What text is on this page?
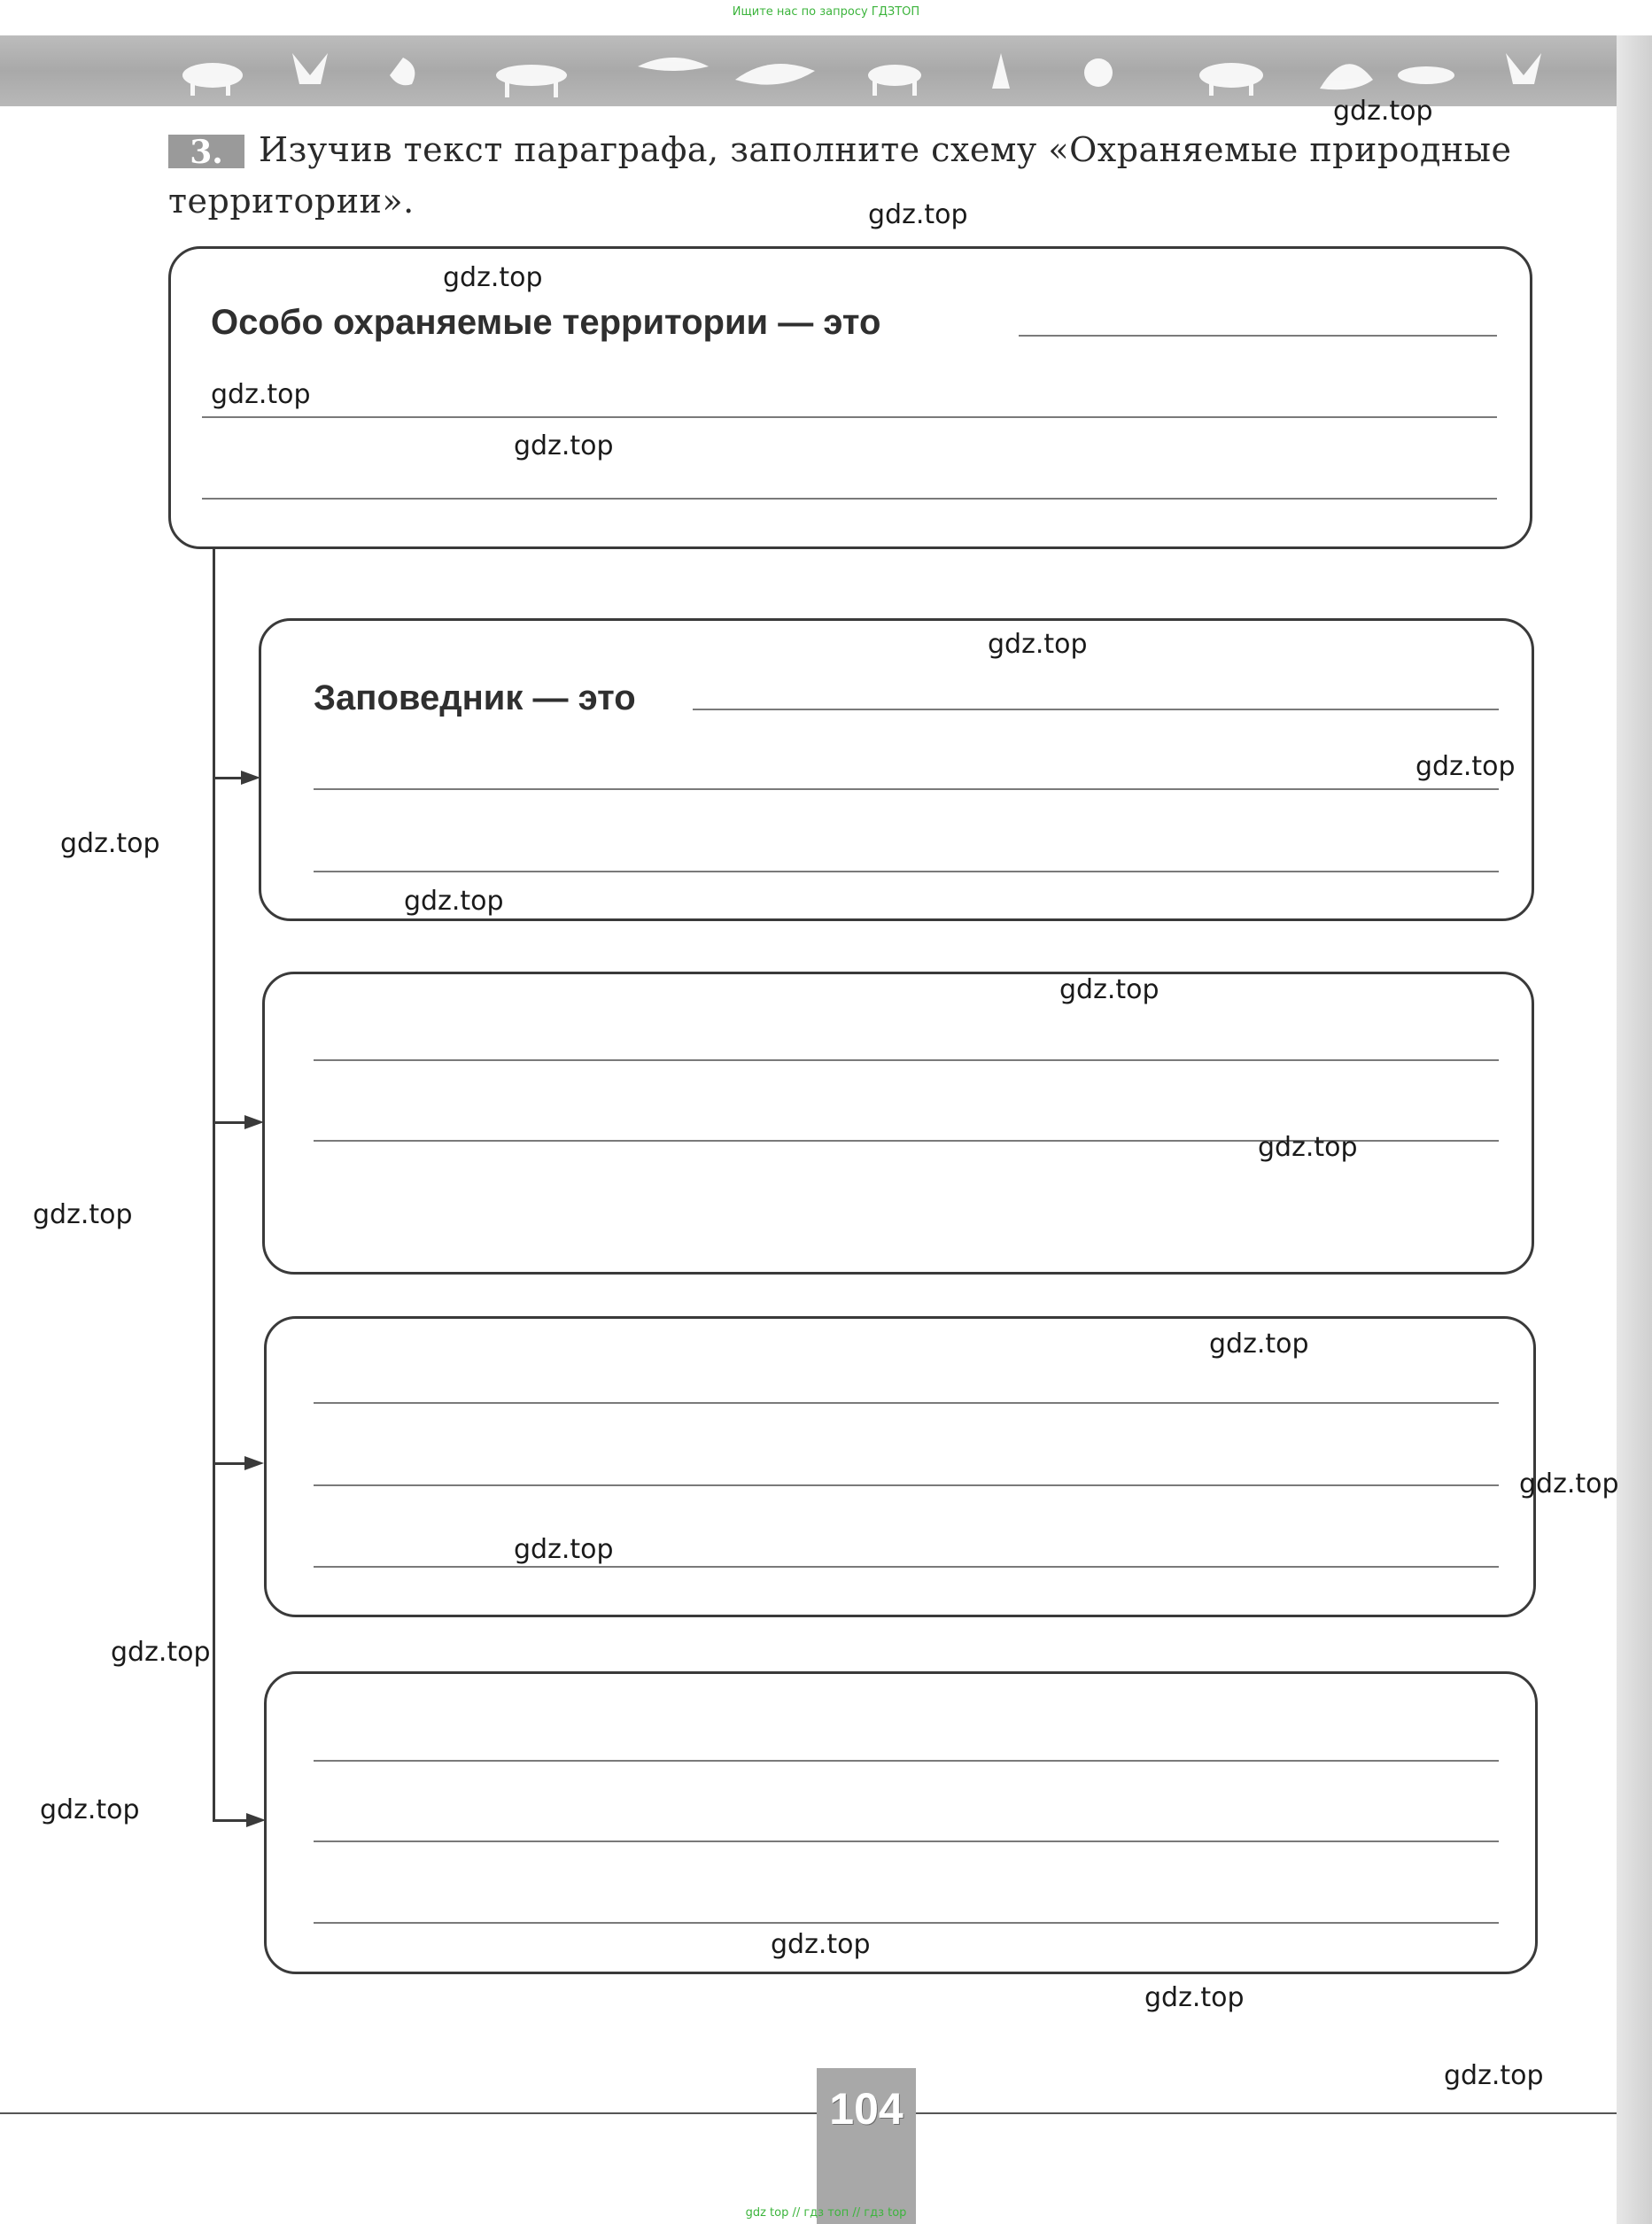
Ищите нас по запросу ГДЗТОП
Изучив текст параграфа, заполните схему «Охраняемые природные территории».
3.
Особо охраняемые территории — это
Заповедник — это
104
gdz top // гдз топ // гдз top
gdz.top
gdz.top
gdz.top
gdz.top
gdz.top
gdz.top
gdz.top
gdz.top
gdz.top
gdz.top
gdz.top
gdz.top
gdz.top
gdz.top
gdz.top
gdz.top
gdz.top
gdz.top
gdz.top
gdz.top
